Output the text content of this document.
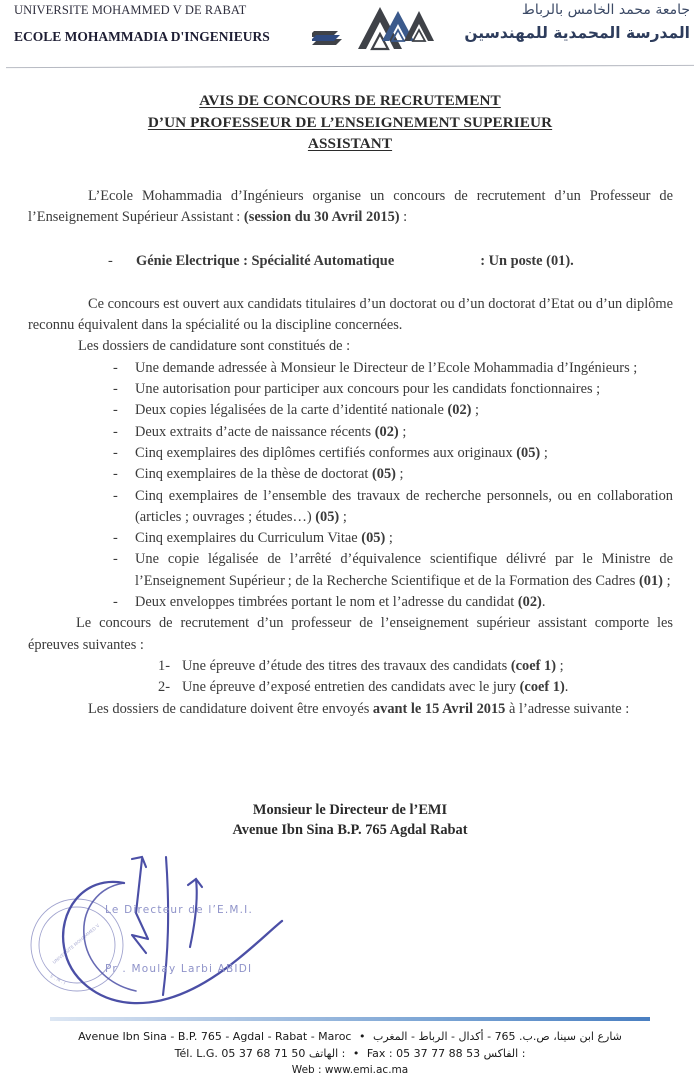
UNIVERSITE MOHAMMED V DE RABAT
ECOLE MOHAMMADIA D'INGENIEURS
جامعة محمد الخامس بالرباط
المدرسة المحمدية للمهندسين
AVIS DE CONCOURS DE RECRUTEMENT
D’UN PROFESSEUR DE L’ENSEIGNEMENT SUPERIEUR
ASSISTANT

L’Ecole Mohammadia d’Ingénieurs organise un concours de recrutement d’un Professeur de l’Enseignement Supérieur Assistant : (session du 30 Avril 2015) :

-	Génie Electrique : Spécialité Automatique	: Un poste (01).

Ce concours est ouvert aux candidats titulaires d’un doctorat ou d’un doctorat d’Etat ou d’un diplôme reconnu équivalent dans la spécialité ou la discipline concernées.

Les dossiers de candidature sont constitués de :

- Une demande adressée à Monsieur le Directeur de l’Ecole Mohammadia d’Ingénieurs ;
- Une autorisation pour participer aux concours pour les candidats fonctionnaires ;
- Deux copies légalisées de la carte d’identité nationale (02) ;
- Deux extraits d’acte de naissance récents (02) ;
- Cinq exemplaires des diplômes certifiés conformes aux originaux (05) ;
- Cinq exemplaires de la thèse de doctorat (05) ;
- Cinq exemplaires de l’ensemble des travaux de recherche personnels, ou en collaboration (articles ; ouvrages ; études…) (05) ;
- Cinq exemplaires du Curriculum Vitae (05) ;
- Une copie légalisée de l’arrêté d’équivalence scientifique délivré par le Ministre de l’Enseignement Supérieur ; de la Recherche Scientifique et de la Formation des Cadres (01) ;
- Deux enveloppes timbrées portant le nom et l’adresse du candidat (02).

Le concours de recrutement d’un professeur de l’enseignement supérieur assistant comporte les épreuves suivantes :

Une épreuve d’étude des titres des travaux des candidats (coef 1) ;
Une épreuve d’exposé entretien des candidats avec le jury (coef 1).

Les dossiers de candidature doivent être envoyés avant le 15 Avril 2015 à l’adresse suivante :

Monsieur le Directeur de l’EMI
Avenue Ibn Sina B.P. 765 Agdal Rabat
UNIVERSITE MOHAMMED V
E . M . I
Le Directeur de l’E.M.I.
Pr . Moulay Larbi ABIDI
Avenue Ibn Sina - B.P. 765 - Agdal - Rabat - Maroc • شارع ابن سينا، ص.ب. 765 - أكدال - الرباط - المغرب
Tél. L.G. 05 37 68 71 50 الهاتف : • Fax : 05 37 77 88 53 الفاكس :
Web : www.emi.ac.ma
